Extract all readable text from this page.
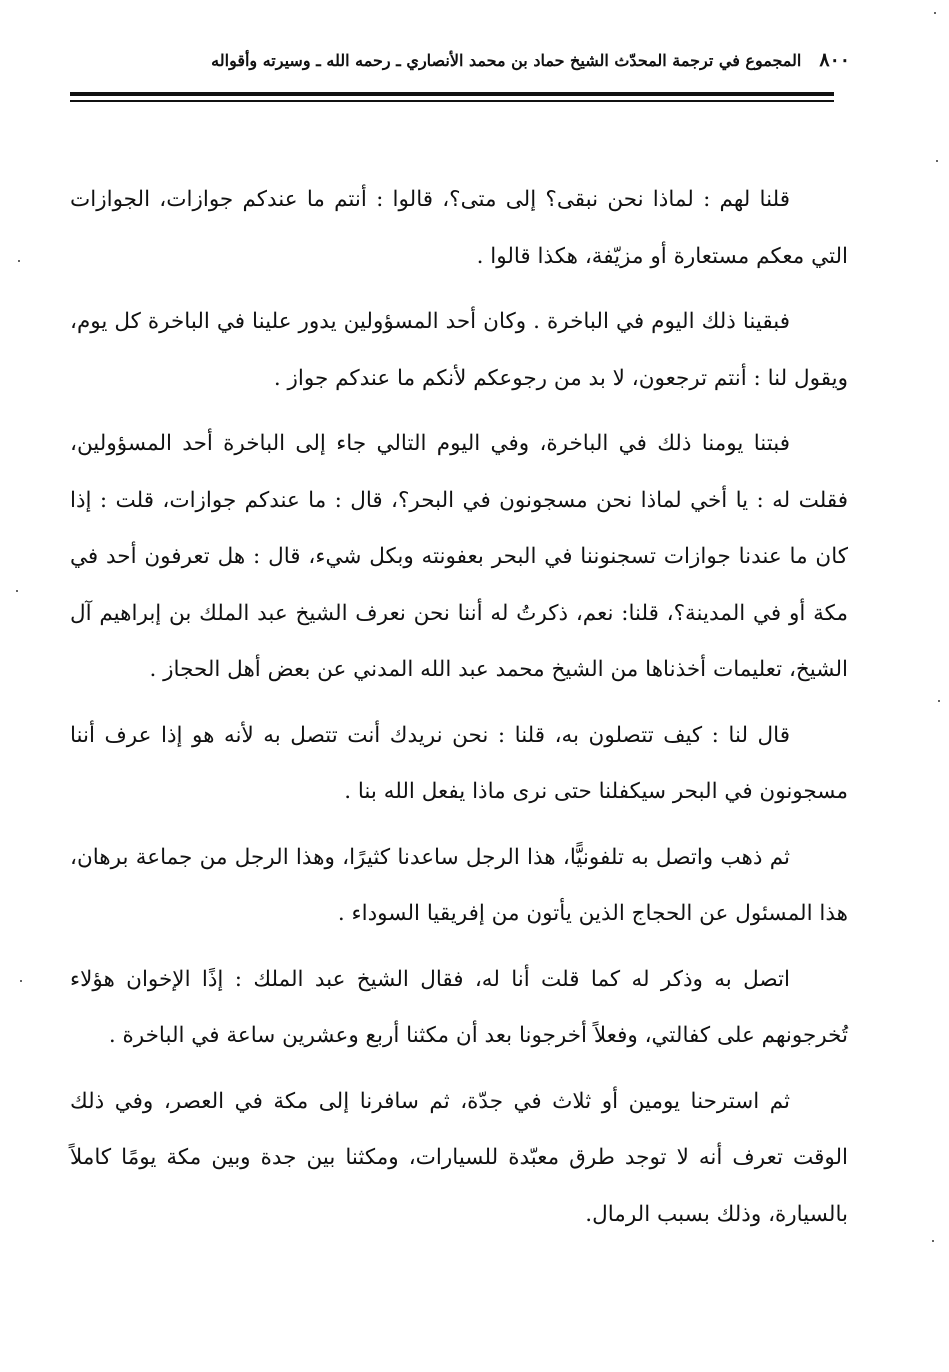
٨٠٠
المجموع في ترجمة المحدّث الشيخ حماد بن محمد الأنصاري ـ رحمه الله ـ وسيرته وأقواله

قلنا لهم : لماذا نحن نبقى؟ إلى متى؟، قالوا : أنتم ما عندكم جوازات، الجوازات التي معكم مستعارة أو مزيّفة، هكذا قالوا .

فبقينا ذلك اليوم في الباخرة . وكان أحد المسؤولين يدور علينا في الباخرة كل يوم، ويقول لنا : أنتم ترجعون، لا بد من رجوعكم لأنكم ما عندكم جواز .

فبتنا يومنا ذلك في الباخرة، وفي اليوم التالي جاء إلى الباخرة أحد المسؤولين، فقلت له : يا أخي لماذا نحن مسجونون في البحر؟، قال : ما عندكم جوازات، قلت : إذا كان ما عندنا جوازات تسجنوننا في البحر بعفونته وبكل شيء، قال : هل تعرفون أحد في مكة أو في المدينة؟، قلنا: نعم، ذكرتُ له أننا نحن نعرف الشيخ عبد الملك بن إبراهيم آل الشيخ، تعليمات أخذناها من الشيخ محمد عبد الله المدني عن بعض أهل الحجاز .

قال لنا : كيف تتصلون به، قلنا : نحن نريدك أنت تتصل به لأنه هو إذا عرف أننا مسجونون في البحر سيكفلنا حتى نرى ماذا يفعل الله بنا .

ثم ذهب واتصل به تلفونيًّا، هذا الرجل ساعدنا كثيرًا، وهذا الرجل من جماعة برهان، هذا المسئول عن الحجاج الذين يأتون من إفريقيا السوداء .

اتصل به وذكر له كما قلت أنا له، فقال الشيخ عبد الملك : إذًا الإخوان هؤلاء تُخرجونهم على كفالتي، وفعلاً أخرجونا بعد أن مكثنا أربع وعشرين ساعة في الباخرة .

ثم استرحنا يومين أو ثلاث في جدّة، ثم سافرنا إلى مكة في العصر، وفي ذلك الوقت تعرف أنه لا توجد طرق معبّدة للسيارات، ومكثنا بين جدة وبين مكة يومًا كاملاً بالسيارة، وذلك بسبب الرمال.
